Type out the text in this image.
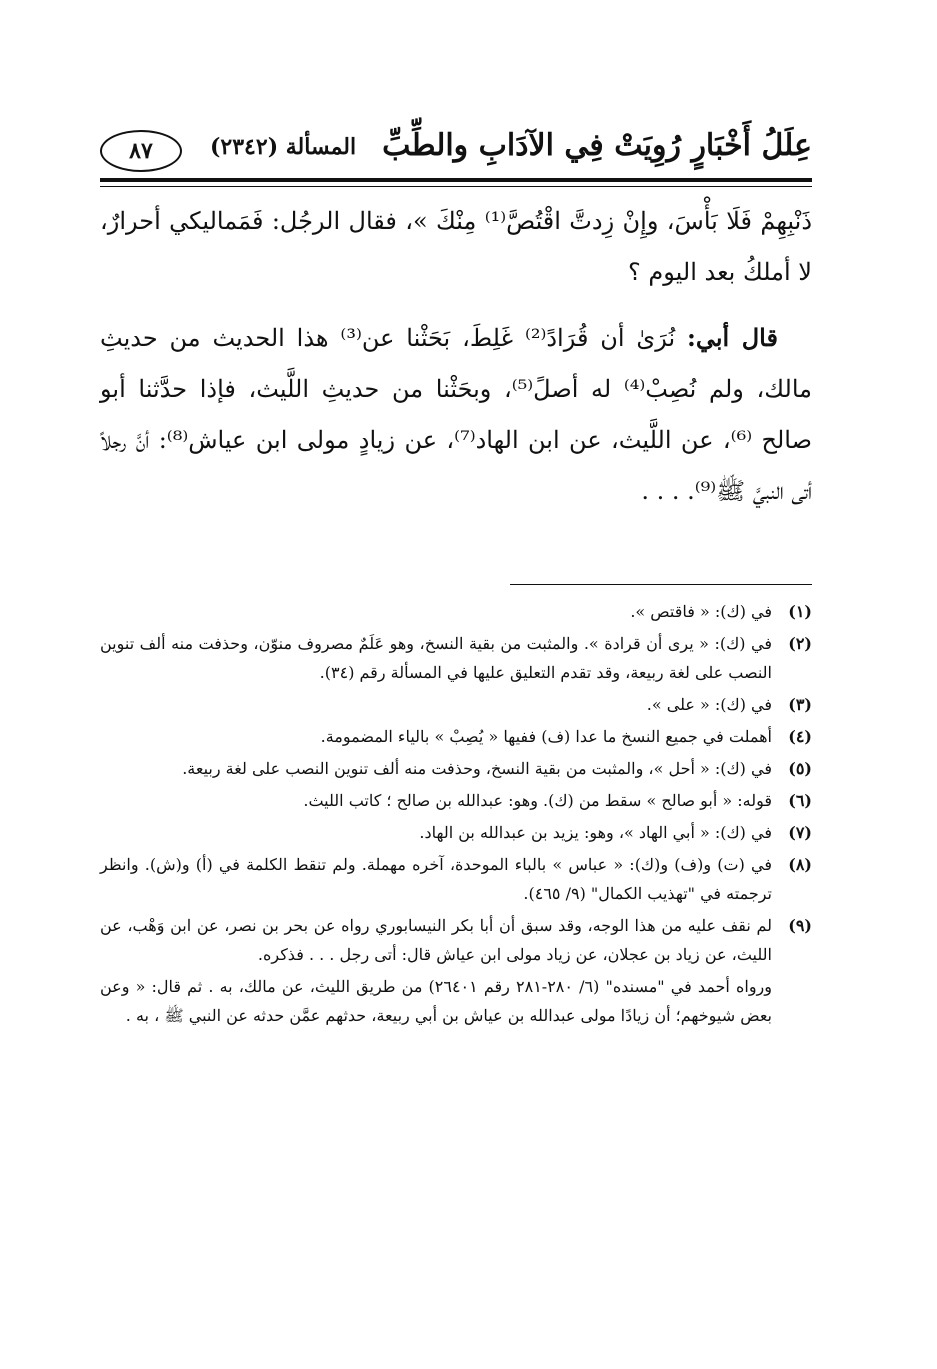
عِلَلُ أَخْبَارٍ رُوِيَتْ فِي الآدَابِ والطِّبِّ
المسألة (٢٣٤٢)
٨٧

ذَنْبِهِمْ فَلَا بَأْسَ، وإِنْ زِدتَّ اقْتُصَّ⁽¹⁾ مِنْكَ »، فقال الرجُل: فَمَماليكي أحرارٌ، لا أملكُ بعد اليوم ؟

قال أبي: نُرَىٰ أن قُرَادً⁽²⁾ غَلِطَ، بَحَثْنا عن⁽³⁾ هذا الحديث من حديثِ مالك، ولم نُصِبْ⁽⁴⁾ له أصلً⁽⁵⁾، وبحَثْنا من حديثِ اللَّيث، فإذا حدَّثنا أبو صالح ⁽⁶⁾، عن اللَّيث، عن ابن الهاد⁽⁷⁾، عن زيادٍ مولى ابن عياش⁽⁸⁾: أنَّ رجلاً أتى النبيَّ ﷺ⁽⁹⁾. . . .

(١)
في (ك): « فاقتص ».
(٢)
في (ك): « يرى أن قرادة ». والمثبت من بقية النسخ، وهو عَلَمٌ مصروف منوّن، وحذفت منه ألف تنوين النصب على لغة ربيعة، وقد تقدم التعليق عليها في المسألة رقم (٣٤).
(٣)
في (ك): « على ».
(٤)
أهملت في جميع النسخ ما عدا (ف) ففيها « يُصِبْ » بالياء المضمومة.
(٥)
في (ك): « أحل »، والمثبت من بقية النسخ، وحذفت منه ألف تنوين النصب على لغة ربيعة.
(٦)
قوله: « أبو صالح » سقط من (ك). وهو: عبدالله بن صالح ؛ كاتب الليث.
(٧)
في (ك): « أبي الهاد »، وهو: يزيد بن عبدالله بن الهاد.
(٨)
في (ت) و(ف) و(ك): « عباس » بالباء الموحدة، آخره مهملة. ولم تنقط الكلمة في (أ) و(ش). وانظر ترجمته في "تهذيب الكمال" (٩/ ٤٦٥).
(٩)
لم نقف عليه من هذا الوجه، وقد سبق أن أبا بكر النيسابوري رواه عن بحر بن نصر، عن ابن وَهْب، عن الليث، عن زياد بن عجلان، عن زياد مولى ابن عياش قال: أتى رجل . . . فذكره.
ورواه أحمد في "مسنده" (٦/ ٢٨٠-٢٨١ رقم ٢٦٤٠١) من طريق الليث، عن مالك، به . ثم قال: « وعن بعض شيوخهم؛ أن زيادًا مولى عبدالله بن عياش بن أبي ربيعة، حدثهم عمَّن حدثه عن النبي ﷺ ، به .
